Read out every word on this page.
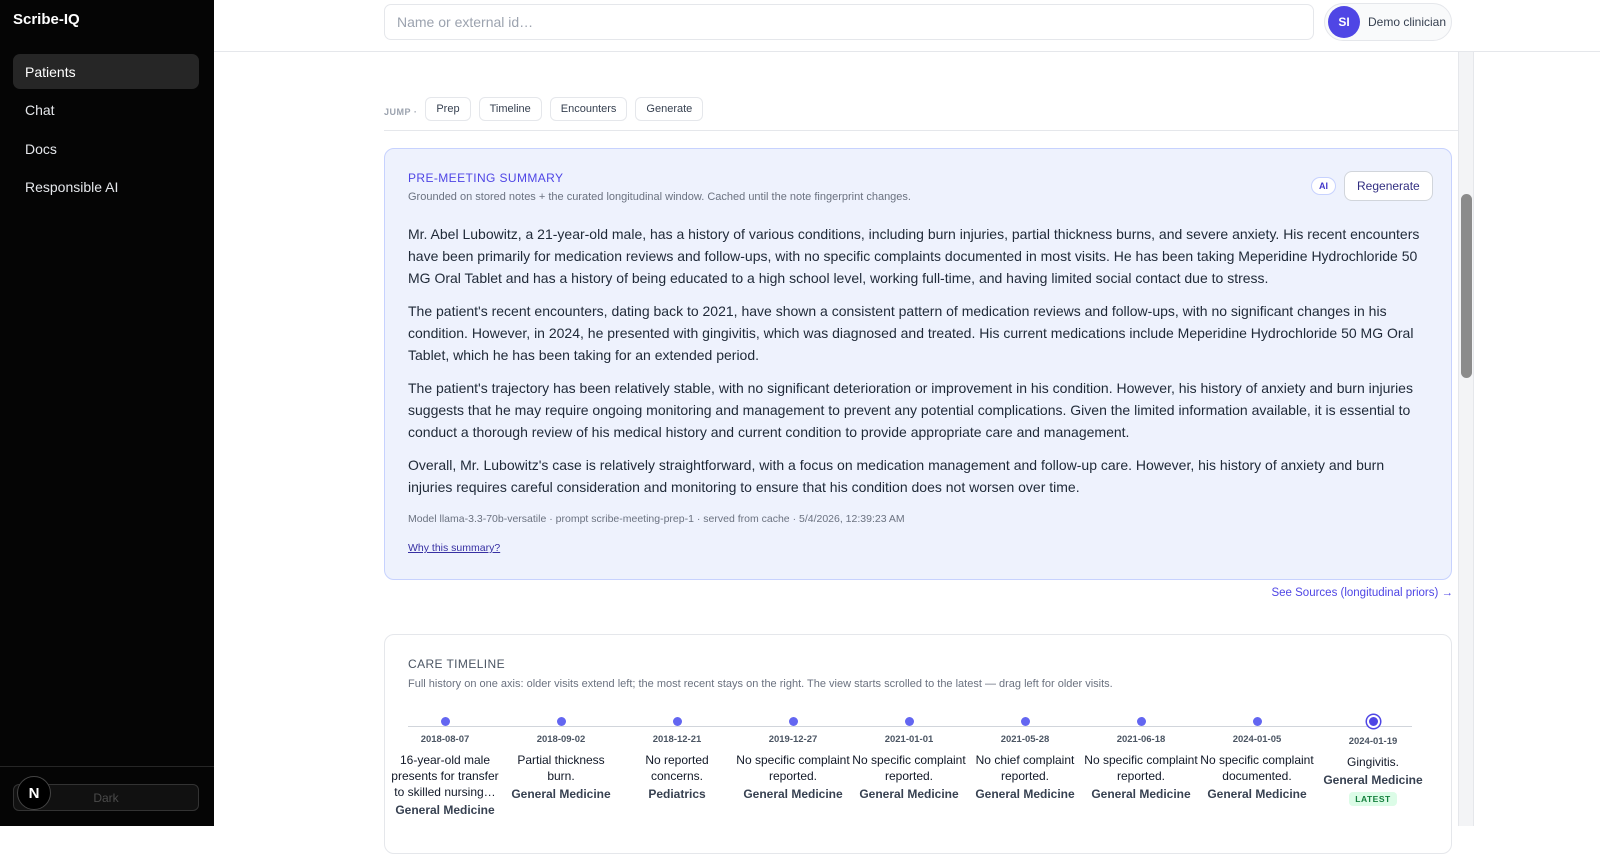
Scribe-IQ
Patients
Chat
Docs
Responsible AI
Dark
N
Name or external id…
SI	Demo clinician
JUMP ·	Prep	Timeline	Encounters	Generate
PRE-MEETING SUMMARY
Grounded on stored notes + the curated longitudinal window. Cached until the note fingerprint changes.
AI	Regenerate

Mr. Abel Lubowitz, a 21-year-old male, has a history of various conditions, including burn injuries, partial thickness burns, and severe anxiety. His recent encounters have been primarily for medication reviews and follow-ups, with no specific complaints documented in most visits. He has been taking Meperidine Hydrochloride 50 MG Oral Tablet and has a history of being educated to a high school level, working full-time, and having limited social contact due to stress.

The patient's recent encounters, dating back to 2021, have shown a consistent pattern of medication reviews and follow-ups, with no significant changes in his condition. However, in 2024, he presented with gingivitis, which was diagnosed and treated. His current medications include Meperidine Hydrochloride 50 MG Oral Tablet, which he has been taking for an extended period.

The patient's trajectory has been relatively stable, with no significant deterioration or improvement in his condition. However, his history of anxiety and burn injuries suggests that he may require ongoing monitoring and management to prevent any potential complications. Given the limited information available, it is essential to conduct a thorough review of his medical history and current condition to provide appropriate care and management.

Overall, Mr. Lubowitz's case is relatively straightforward, with a focus on medication management and follow-up care. However, his history of anxiety and burn injuries requires careful consideration and monitoring to ensure that his condition does not worsen over time.

Model llama-3.3-70b-versatile · prompt scribe-meeting-prep-1 · served from cache · 5/4/2026, 12:39:23 AM
Why this summary?
See Sources (longitudinal priors) →
CARE TIMELINE
Full history on one axis: older visits extend left; the most recent stays on the right. The view starts scrolled to the latest — drag left for older visits.
2018-08-07
16-year-old male presents for transfer to skilled nursing…
General Medicine
2018-09-02
Partial thickness burn.
General Medicine
2018-12-21
No reported concerns.
Pediatrics
2019-12-27
No specific complaint reported.
General Medicine
2021-01-01
No specific complaint reported.
General Medicine
2021-05-28
No chief complaint reported.
General Medicine
2021-06-18
No specific complaint reported.
General Medicine
2024-01-05
No specific complaint documented.
General Medicine
2024-01-19
Gingivitis.
General Medicine
LATEST
